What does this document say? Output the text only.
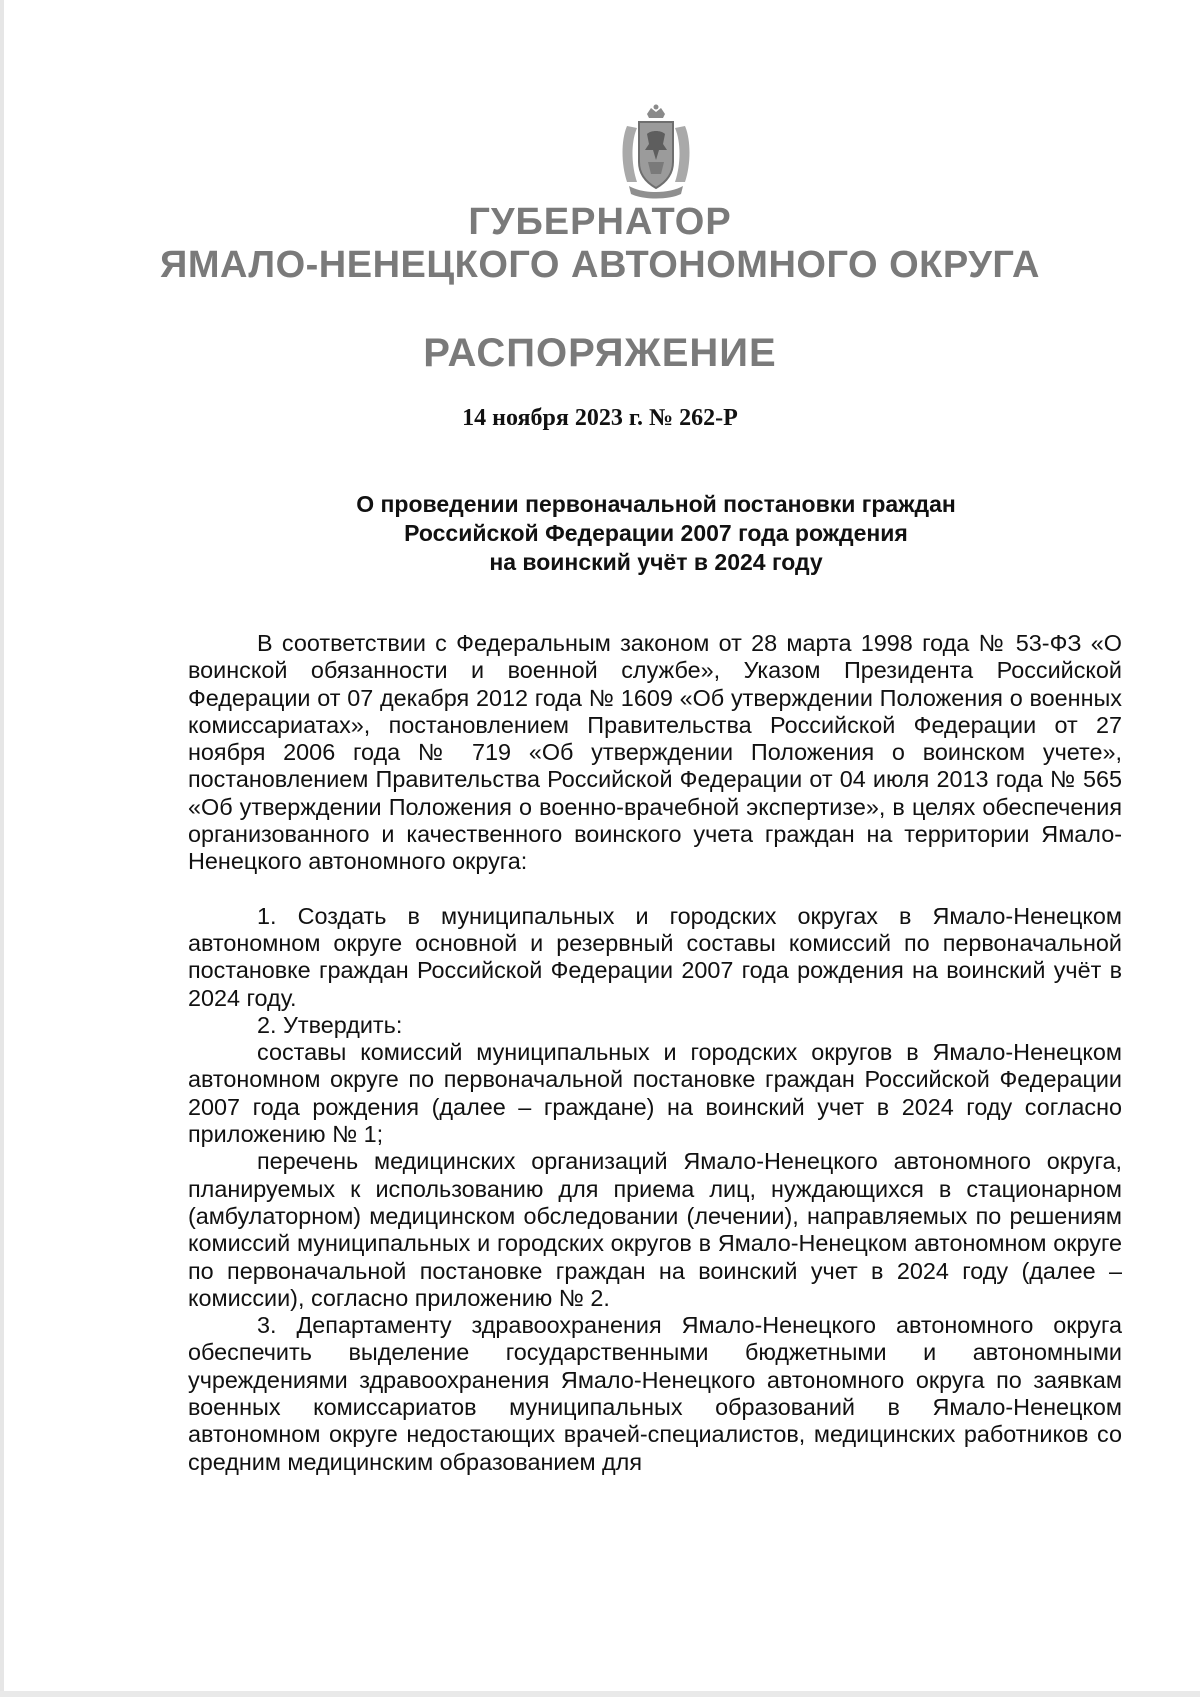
ГУБЕРНАТОР
ЯМАЛО-НЕНЕЦКОГО АВТОНОМНОГО ОКРУГА
РАСПОРЯЖЕНИЕ
14 ноября 2023 г. № 262-Р
О проведении первоначальной постановки граждан
Российской Федерации 2007 года рождения
на воинский учёт в 2024 году

В соответствии с Федеральным законом от 28 марта 1998 года № 53-ФЗ «О воинской обязанности и военной службе», Указом Президента Российской Федерации от 07 декабря 2012 года № 1609 «Об утверждении Положения о военных комиссариатах», постановлением Правительства Российской Федерации от 27 ноября 2006 года № 719 «Об утверждении Положения о воинском учете», постановлением Правительства Российской Федерации от 04 июля 2013 года № 565 «Об утверждении Положения о военно-врачебной экспертизе», в целях обеспечения организованного и качественного воинского учета граждан на территории Ямало-Ненецкого автономного округа:

1. Создать в муниципальных и городских округах в Ямало-Ненецком автономном округе основной и резервный составы комиссий по первоначальной постановке граждан Российской Федерации 2007 года рождения на воинский учёт в 2024 году.

2. Утвердить:

составы комиссий муниципальных и городских округов в Ямало-Ненецком автономном округе по первоначальной постановке граждан Российской Федерации 2007 года рождения (далее – граждане) на воинский учет в 2024 году согласно приложению № 1;

перечень медицинских организаций Ямало-Ненецкого автономного округа, планируемых к использованию для приема лиц, нуждающихся в стационарном (амбулаторном) медицинском обследовании (лечении), направляемых по решениям комиссий муниципальных и городских округов в Ямало-Ненецком автономном округе по первоначальной постановке граждан на воинский учет в 2024 году (далее – комиссии), согласно приложению № 2.

3. Департаменту здравоохранения Ямало-Ненецкого автономного округа обеспечить выделение государственными бюджетными и автономными учреждениями здравоохранения Ямало-Ненецкого автономного округа по заявкам военных комиссариатов муниципальных образований в Ямало-Ненецком автономном округе недостающих врачей-специалистов, медицинских работников со средним медицинским образованием для
